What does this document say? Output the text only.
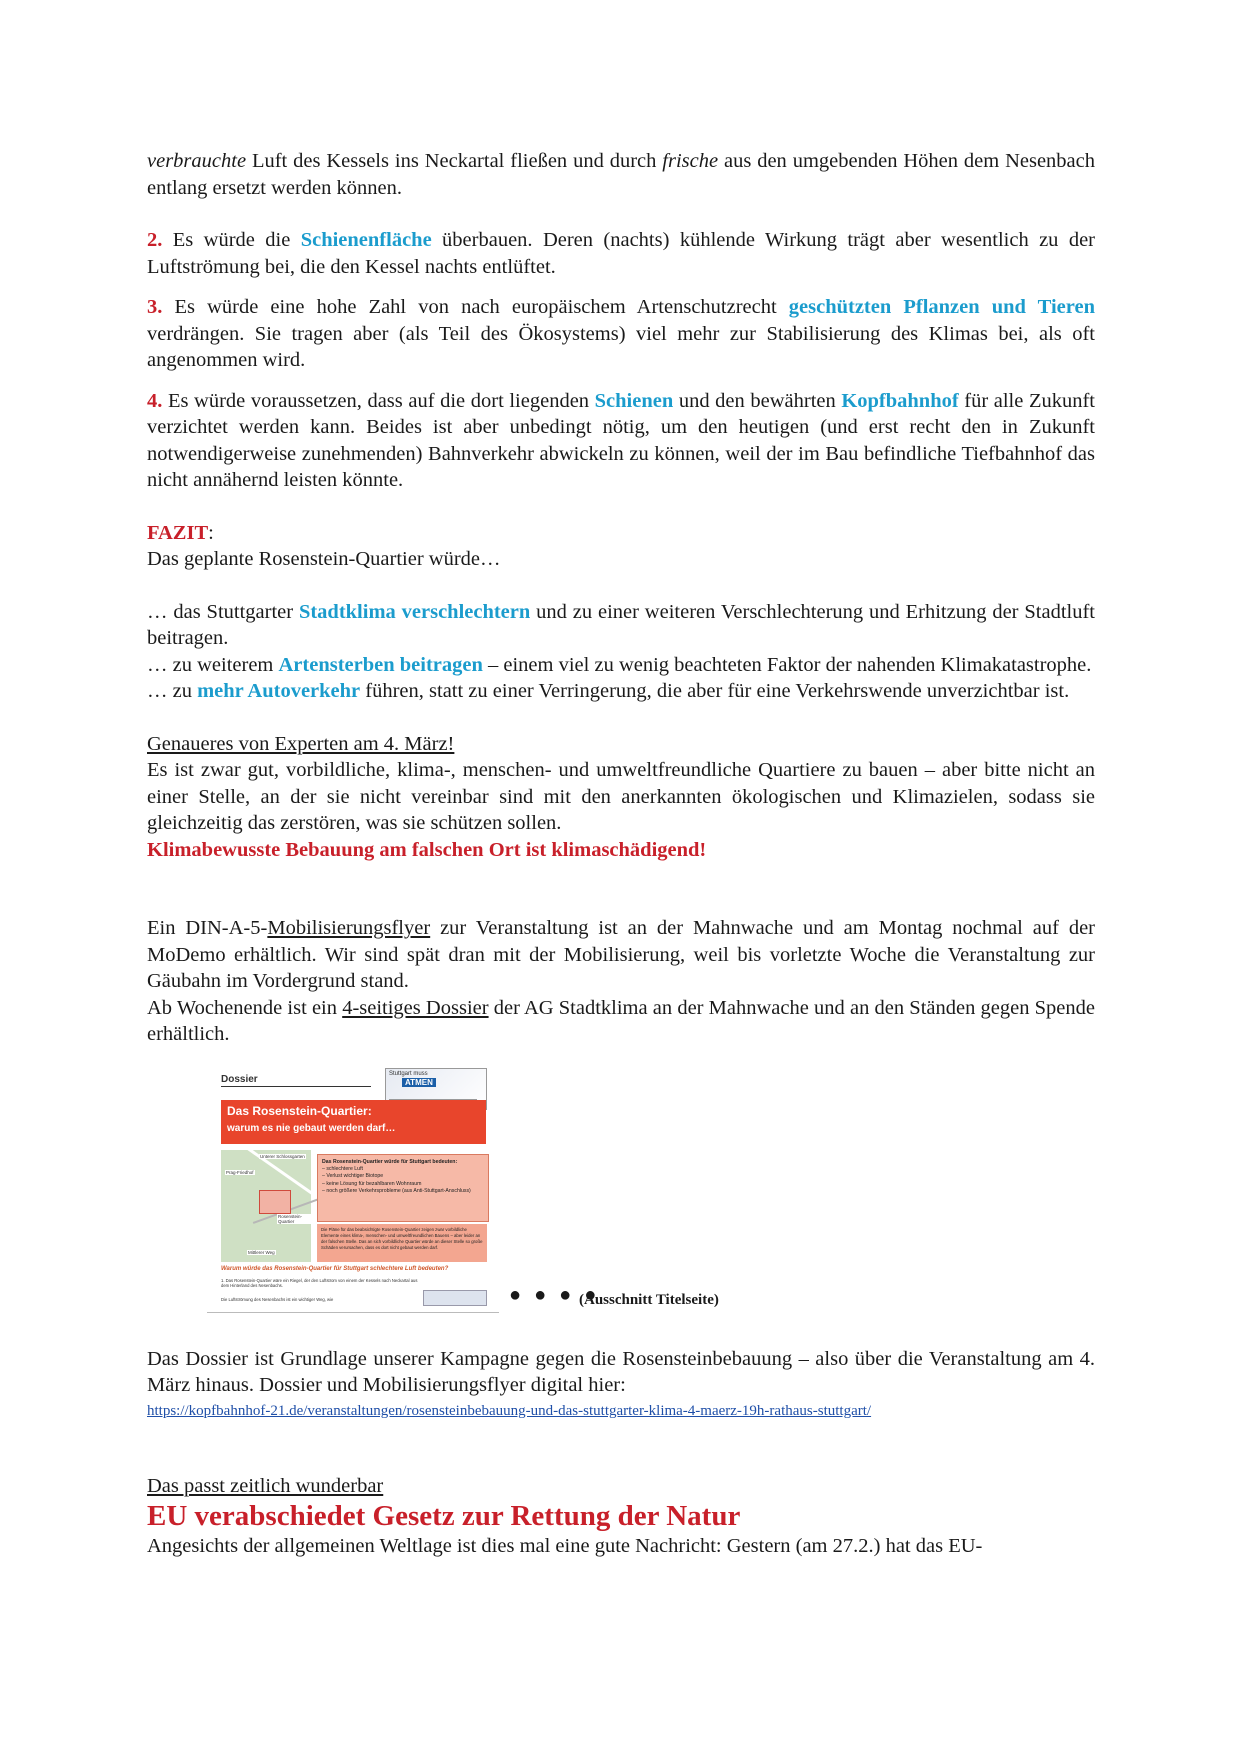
verbrauchte Luft des Kessels ins Neckartal fließen und durch frische aus den umgebenden Höhen dem Nesenbach entlang ersetzt werden können.

2. Es würde die Schienenfläche überbauen. Deren (nachts) kühlende Wirkung trägt aber wesentlich zu der Luftströmung bei, die den Kessel nachts entlüftet.

3. Es würde eine hohe Zahl von nach europäischem Artenschutzrecht geschützten Pflanzen und Tieren verdrängen. Sie tragen aber (als Teil des Ökosystems) viel mehr zur Stabilisierung des Klimas bei, als oft angenommen wird.

4. Es würde voraussetzen, dass auf die dort liegenden Schienen und den bewährten Kopfbahnhof für alle Zukunft verzichtet werden kann. Beides ist aber unbedingt nötig, um den heutigen (und erst recht den in Zukunft notwendigerweise zunehmenden) Bahnverkehr abwickeln zu können, weil der im Bau befindliche Tiefbahnhof das nicht annähernd leisten könnte.

FAZIT:

Das geplante Rosenstein-Quartier würde…

… das Stuttgarter Stadtklima verschlechtern und zu einer weiteren Verschlechterung und Erhitzung der Stadtluft beitragen.

… zu weiterem Artensterben beitragen – einem viel zu wenig beachteten Faktor der nahenden Klimakatastrophe.

… zu mehr Autoverkehr führen, statt zu einer Verringerung, die aber für eine Verkehrswende unverzichtbar ist.

Genaueres von Experten am 4. März!

Es ist zwar gut, vorbildliche, klima-, menschen- und umweltfreundliche Quartiere zu bauen – aber bitte nicht an einer Stelle, an der sie nicht vereinbar sind mit den anerkannten ökologischen und Klimazielen, sodass sie gleichzeitig das zerstören, was sie schützen sollen.

Klimabewusste Bebauung am falschen Ort ist klimaschädigend!

Ein DIN-A-5-Mobilisierungsflyer zur Veranstaltung ist an der Mahnwache und am Montag nochmal auf der MoDemo erhältlich. Wir sind spät dran mit der Mobilisierung, weil bis vorletzte Woche die Veranstaltung zur Gäubahn im Vordergrund stand.

Ab Wochenende ist ein 4-seitiges Dossier der AG Stadtklima an der Mahnwache und an den Ständen gegen Spende erhältlich.

Dossier	Stuttgart muss
ATMEN
Das Rosenstein-Quartier:
warum es nie gebaut werden darf…
Unterer Schlossgarten
Prag-Friedhof
Rosenstein-Quartier
Mittlerer Weg
Das Rosenstein-Quartier würde für Stuttgart bedeuten:
– schlechtere Luft
– Verlust wichtiger Biotope
– keine Lösung für bezahlbaren Wohnraum
– noch größere Verkehrsprobleme (aus Anti-Stuttgart-Anschluss)

Die Pläne für das beabsichtigte Rosenstein-Quartier zeigen zwar vorbildliche Elemente eines klima-, menschen- und umweltfreundlichen Bauens – aber leider an der falschen Stelle. Das an sich vorbildliche Quartier würde an dieser Stelle so große Schäden verursachen, dass es dort nicht gebaut werden darf.

Warum würde das Rosenstein-Quartier für Stuttgart schlechtere Luft bedeuten?
1. Das Rosenstein-Quartier wäre ein Riegel, der den Luftstrom von einem der Kessels nach Neckartal aus dem Hinterland des Nesenbachs.
Die Luftströmung des Nesenbachs ist ein wichtiger Weg, wie	● ● ● ●
(Ausschnitt Titelseite)

Das Dossier ist Grundlage unserer Kampagne gegen die Rosensteinbebauung – also über die Veranstaltung am 4. März hinaus. Dossier und Mobilisierungsflyer digital hier:

https://kopfbahnhof-21.de/veranstaltungen/rosensteinbebauung-und-das-stuttgarter-klima-4-maerz-19h-rathaus-stuttgart/

Das passt zeitlich wunderbar

EU verabschiedet Gesetz zur Rettung der Natur

Angesichts der allgemeinen Weltlage ist dies mal eine gute Nachricht: Gestern (am 27.2.) hat das EU-
